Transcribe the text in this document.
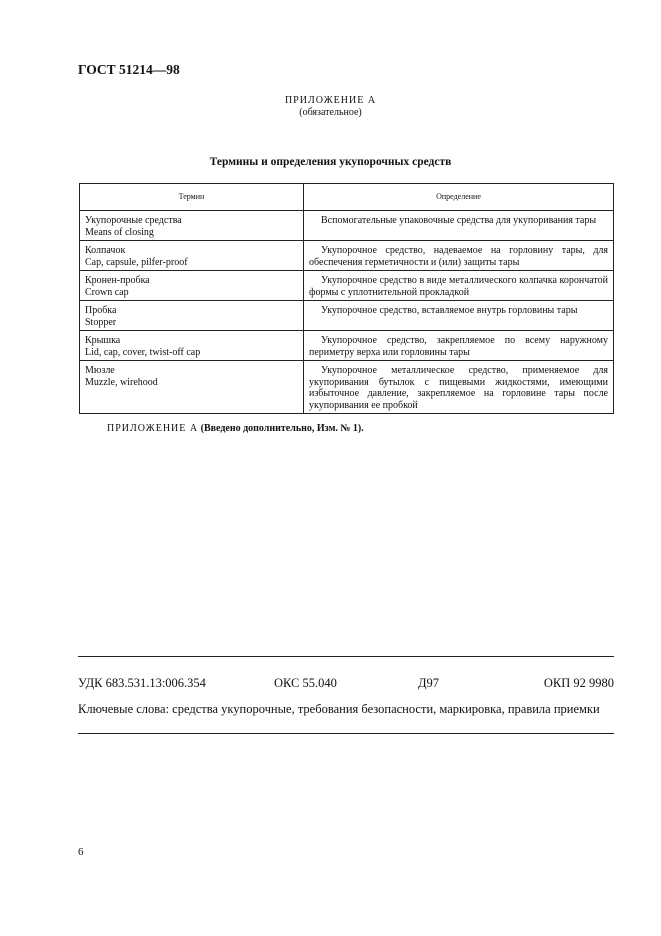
ГОСТ 51214—98
ПРИЛОЖЕНИЕ А
(обязательное)
Термины и определения укупорочных средств
Термин	Определение

Укупорочные средства
Means of closing	Вспомогательные упаковочные средства для укупоривания тары

Колпачок
Cap, capsule, pilfer-proof	Укупорочное средство, надеваемое на горловину тары, для обеспечения герметичности и (или) защиты тары

Кронен-пробка
Crown cap	Укупорочное средство в виде металлического колпачка корончатой формы с уплотнительной прокладкой

Пробка
Stopper	Укупорочное средство, вставляемое внутрь горловины тары

Крышка
Lid, cap, cover, twist-off cap	Укупорочное средство, закрепляемое по всему наружному периметру верха или горловины тары

Мюзле
Muzzle, wirehood	Укупорочное металлическое средство, применяемое для укупоривания бутылок с пищевыми жидкостями, имеющими избыточное давление, закрепляемое на горловине тары после укупоривания ее пробкой
ПРИЛОЖЕНИЕ А (Введено дополнительно, Изм. № 1).
УДК 683.531.13:006.354	ОКС 55.040	Д97	ОКП 92 9980
Ключевые слова: средства укупорочные, требования безопасности, маркировка, правила приемки
6
